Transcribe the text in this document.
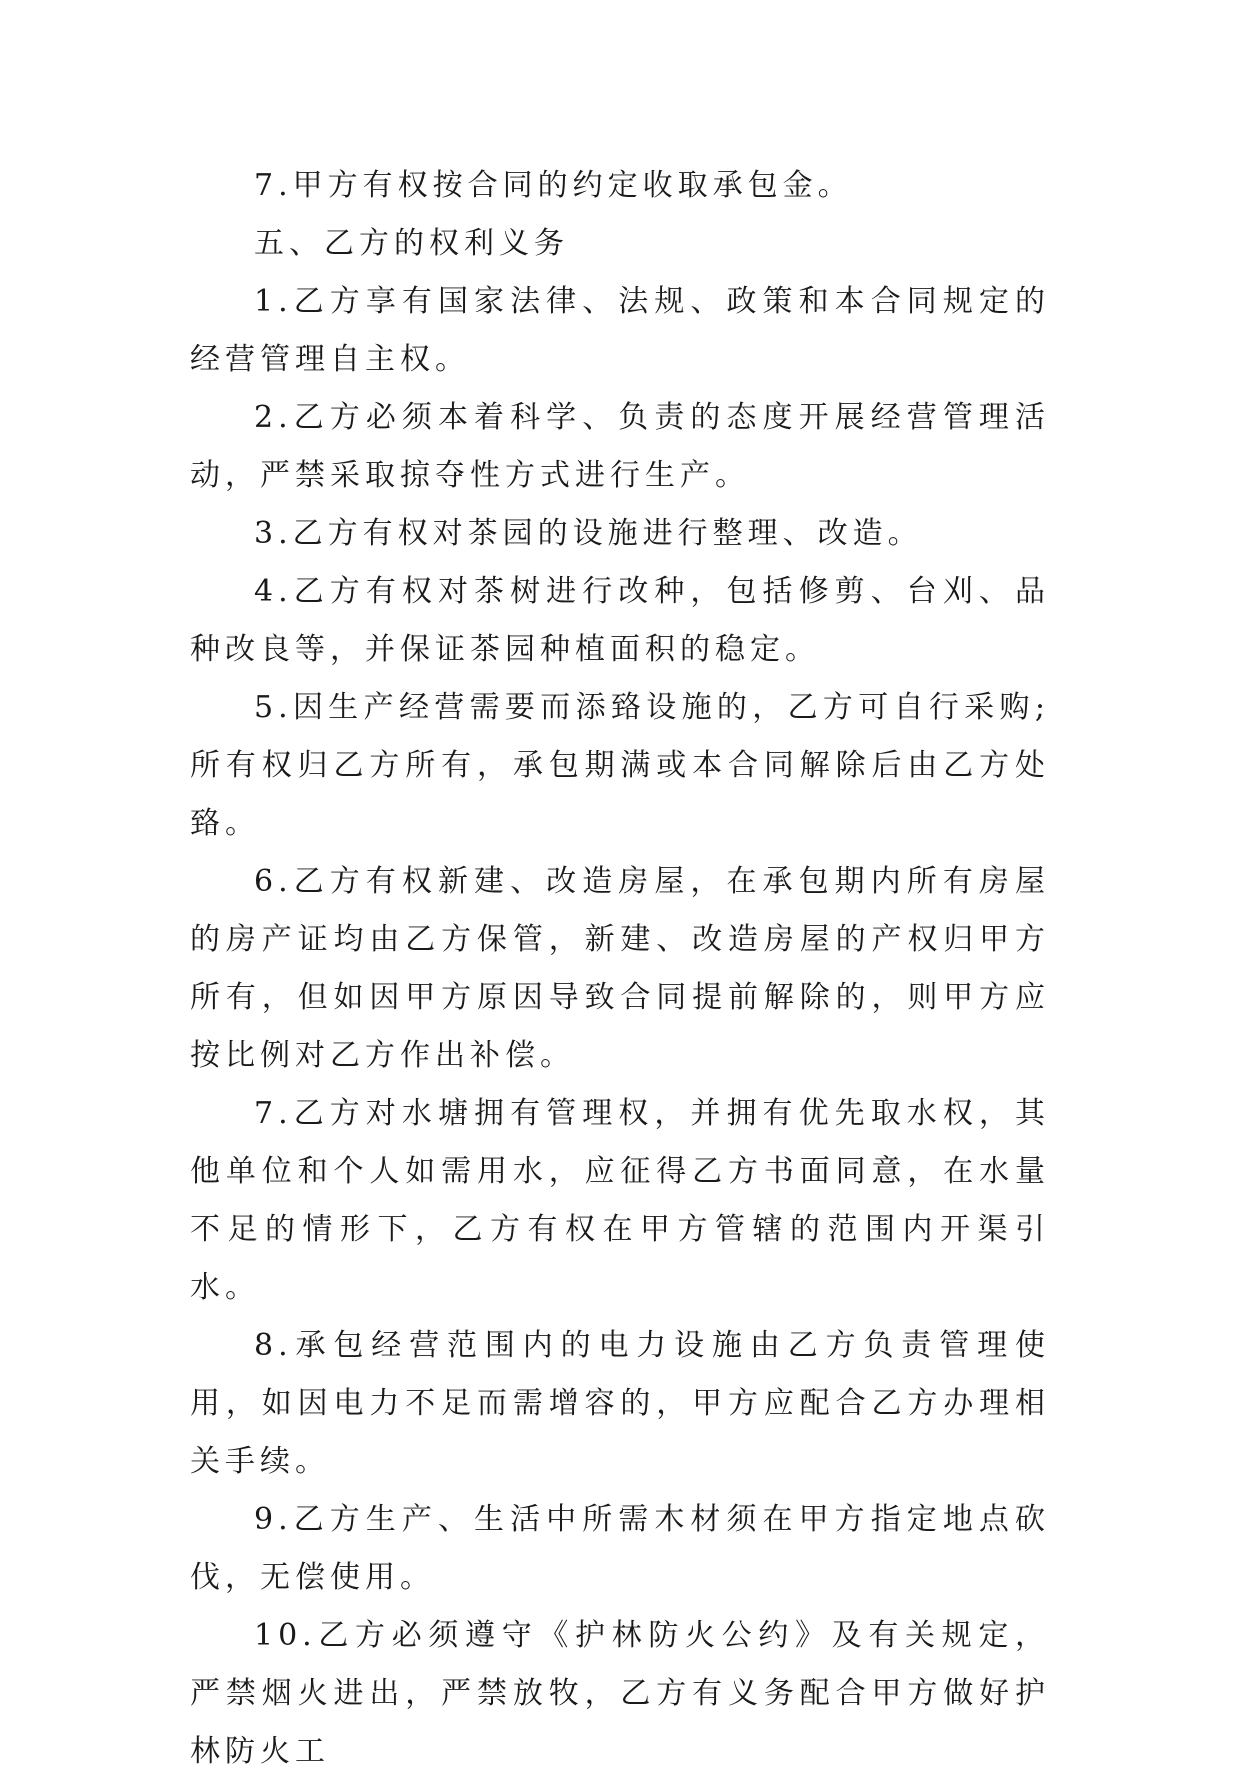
7.甲方有权按合同的约定收取承包金。

五、乙方的权利义务

1.乙方享有国家法律、法规、政策和本合同规定的经营管理自主权。

2.乙方必须本着科学、负责的态度开展经营管理活动，严禁采取掠夺性方式进行生产。

3.乙方有权对茶园的设施进行整理、改造。

4.乙方有权对茶树进行改种，包括修剪、台刈、品种改良等，并保证茶园种植面积的稳定。

5.因生产经营需要而添臵设施的，乙方可自行采购;所有权归乙方所有，承包期满或本合同解除后由乙方处臵。

6.乙方有权新建、改造房屋，在承包期内所有房屋的房产证均由乙方保管，新建、改造房屋的产权归甲方所有，但如因甲方原因导致合同提前解除的，则甲方应按比例对乙方作出补偿。

7.乙方对水塘拥有管理权，并拥有优先取水权，其他单位和个人如需用水，应征得乙方书面同意，在水量不足的情形下，乙方有权在甲方管辖的范围内开渠引水。

8.承包经营范围内的电力设施由乙方负责管理使用，如因电力不足而需增容的，甲方应配合乙方办理相关手续。

9.乙方生产、生活中所需木材须在甲方指定地点砍伐，无偿使用。

10.乙方必须遵守《护林防火公约》及有关规定，严禁烟火进出，严禁放牧，乙方有义务配合甲方做好护林防火工
